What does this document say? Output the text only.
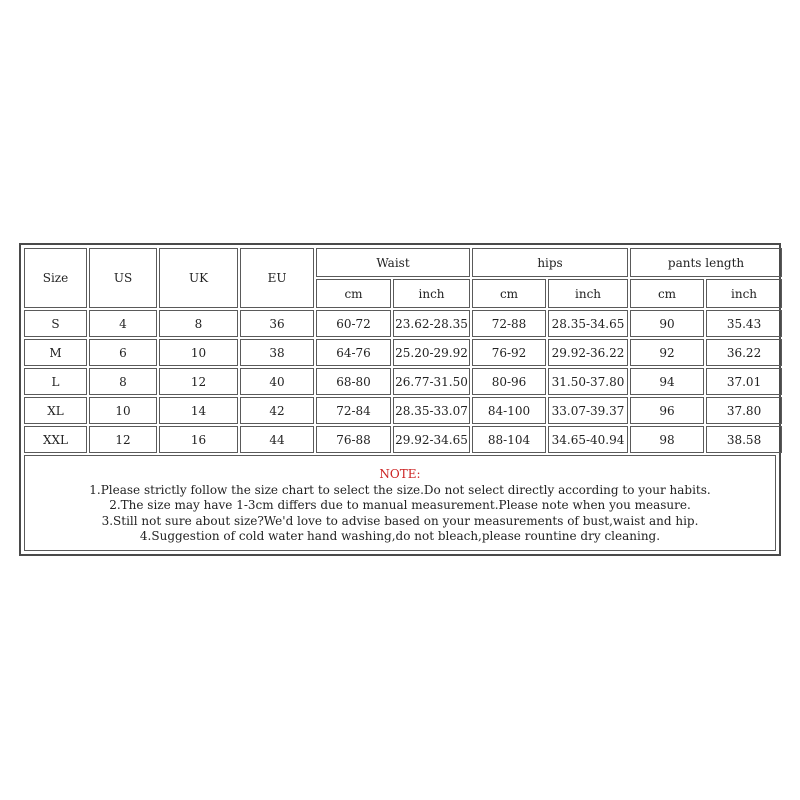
Size	US	UK	EU	Waist		hips		pants length	
				cm	inch	cm	inch	cm	inch
S	4	8	36	60-72	23.62-28.35	72-88	28.35-34.65	90	35.43
M	6	10	38	64-76	25.20-29.92	76-92	29.92-36.22	92	36.22
L	8	12	40	68-80	26.77-31.50	80-96	31.50-37.80	94	37.01
XL	10	14	42	72-84	28.35-33.07	84-100	33.07-39.37	96	37.80
XXL	12	16	44	76-88	29.92-34.65	88-104	34.65-40.94	98	38.58
NOTE:
1.Please strictly follow the size chart to select the size.Do not select directly according to your habits.
2.The size may have 1-3cm differs due to manual measurement.Please note when you measure.
3.Still not sure about size?We'd love to advise based on your measurements of bust,waist and hip.
4.Suggestion of cold water hand washing,do not bleach,please rountine dry cleaning.
